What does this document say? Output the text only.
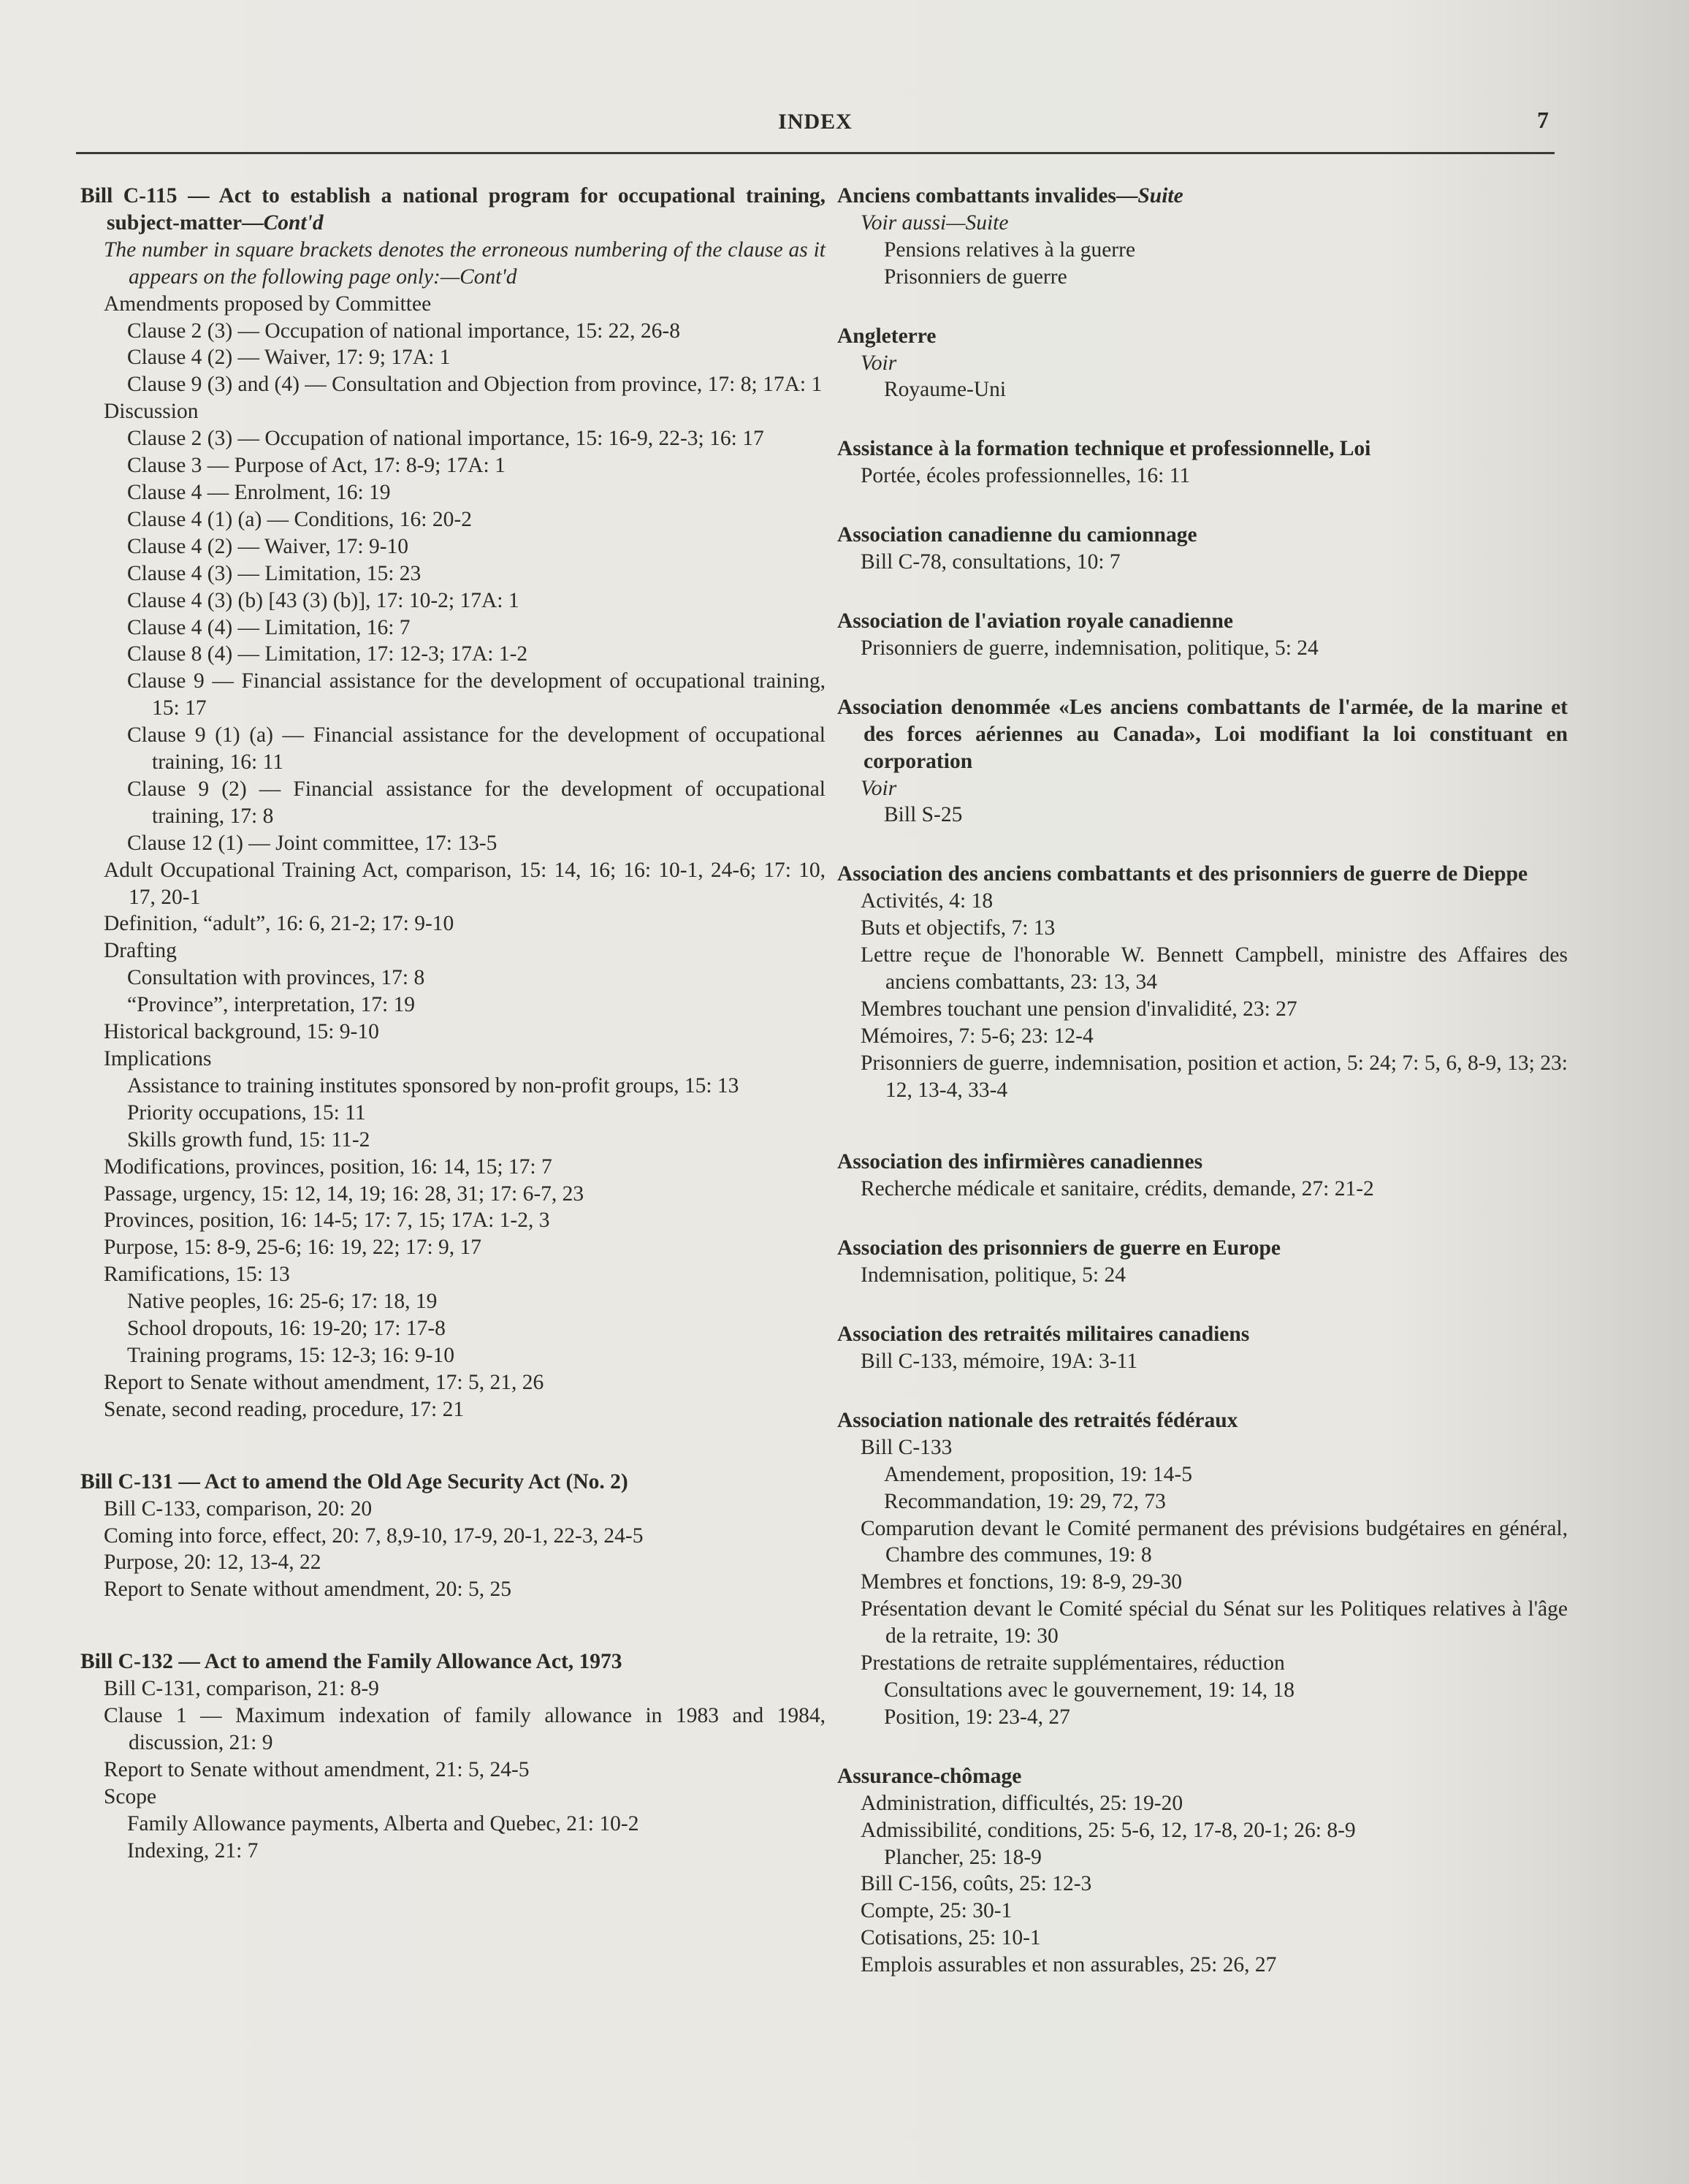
INDEX	7

Bill C-115 — Act to establish a national program for occupational training, subject-matter—Cont'd

The number in square brackets denotes the erroneous numbering of the clause as it appears on the following page only:—Cont'd

Amendments proposed by Committee

Clause 2 (3) — Occupation of national importance, 15: 22, 26-8

Clause 4 (2) — Waiver, 17: 9; 17A: 1

Clause 9 (3) and (4) — Consultation and Objection from province, 17: 8; 17A: 1

Discussion

Clause 2 (3) — Occupation of national importance, 15: 16-9, 22-3; 16: 17

Clause 3 — Purpose of Act, 17: 8-9; 17A: 1

Clause 4 — Enrolment, 16: 19

Clause 4 (1) (a) — Conditions, 16: 20-2

Clause 4 (2) — Waiver, 17: 9-10

Clause 4 (3) — Limitation, 15: 23

Clause 4 (3) (b) [43 (3) (b)], 17: 10-2; 17A: 1

Clause 4 (4) — Limitation, 16: 7

Clause 8 (4) — Limitation, 17: 12-3; 17A: 1-2

Clause 9 — Financial assistance for the development of occupational training, 15: 17

Clause 9 (1) (a) — Financial assistance for the development of occupational training, 16: 11

Clause 9 (2) — Financial assistance for the development of occupational training, 17: 8

Clause 12 (1) — Joint committee, 17: 13-5

Adult Occupational Training Act, comparison, 15: 14, 16; 16: 10-1, 24-6; 17: 10, 17, 20-1

Definition, “adult”, 16: 6, 21-2; 17: 9-10

Drafting

Consultation with provinces, 17: 8

“Province”, interpretation, 17: 19

Historical background, 15: 9-10

Implications

Assistance to training institutes sponsored by non-profit groups, 15: 13

Priority occupations, 15: 11

Skills growth fund, 15: 11-2

Modifications, provinces, position, 16: 14, 15; 17: 7

Passage, urgency, 15: 12, 14, 19; 16: 28, 31; 17: 6-7, 23

Provinces, position, 16: 14-5; 17: 7, 15; 17A: 1-2, 3

Purpose, 15: 8-9, 25-6; 16: 19, 22; 17: 9, 17

Ramifications, 15: 13

Native peoples, 16: 25-6; 17: 18, 19

School dropouts, 16: 19-20; 17: 17-8

Training programs, 15: 12-3; 16: 9-10

Report to Senate without amendment, 17: 5, 21, 26

Senate, second reading, procedure, 17: 21

Bill C-131 — Act to amend the Old Age Security Act (No. 2)

Bill C-133, comparison, 20: 20

Coming into force, effect, 20: 7, 8,9-10, 17-9, 20-1, 22-3, 24-5

Purpose, 20: 12, 13-4, 22

Report to Senate without amendment, 20: 5, 25

Bill C-132 — Act to amend the Family Allowance Act, 1973

Bill C-131, comparison, 21: 8-9

Clause 1 — Maximum indexation of family allowance in 1983 and 1984, discussion, 21: 9

Report to Senate without amendment, 21: 5, 24-5

Scope

Family Allowance payments, Alberta and Quebec, 21: 10-2

Indexing, 21: 7

Anciens combattants invalides—Suite

Voir aussi—Suite

Pensions relatives à la guerre

Prisonniers de guerre

Angleterre

Voir

Royaume-Uni

Assistance à la formation technique et professionnelle, Loi

Portée, écoles professionnelles, 16: 11

Association canadienne du camionnage

Bill C-78, consultations, 10: 7

Association de l'aviation royale canadienne

Prisonniers de guerre, indemnisation, politique, 5: 24

Association denommée «Les anciens combattants de l'armée, de la marine et des forces aériennes au Canada», Loi modifiant la loi constituant en corporation

Voir

Bill S-25

Association des anciens combattants et des prisonniers de guerre de Dieppe

Activités, 4: 18

Buts et objectifs, 7: 13

Lettre reçue de l'honorable W. Bennett Campbell, ministre des Affaires des anciens combattants, 23: 13, 34

Membres touchant une pension d'invalidité, 23: 27

Mémoires, 7: 5-6; 23: 12-4

Prisonniers de guerre, indemnisation, position et action, 5: 24; 7: 5, 6, 8-9, 13; 23: 12, 13-4, 33-4

Association des infirmières canadiennes

Recherche médicale et sanitaire, crédits, demande, 27: 21-2

Association des prisonniers de guerre en Europe

Indemnisation, politique, 5: 24

Association des retraités militaires canadiens

Bill C-133, mémoire, 19A: 3-11

Association nationale des retraités fédéraux

Bill C-133

Amendement, proposition, 19: 14-5

Recommandation, 19: 29, 72, 73

Comparution devant le Comité permanent des prévisions budgétaires en général, Chambre des communes, 19: 8

Membres et fonctions, 19: 8-9, 29-30

Présentation devant le Comité spécial du Sénat sur les Politiques relatives à l'âge de la retraite, 19: 30

Prestations de retraite supplémentaires, réduction

Consultations avec le gouvernement, 19: 14, 18

Position, 19: 23-4, 27

Assurance-chômage

Administration, difficultés, 25: 19-20

Admissibilité, conditions, 25: 5-6, 12, 17-8, 20-1; 26: 8-9

Plancher, 25: 18-9

Bill C-156, coûts, 25: 12-3

Compte, 25: 30-1

Cotisations, 25: 10-1

Emplois assurables et non assurables, 25: 26, 27
